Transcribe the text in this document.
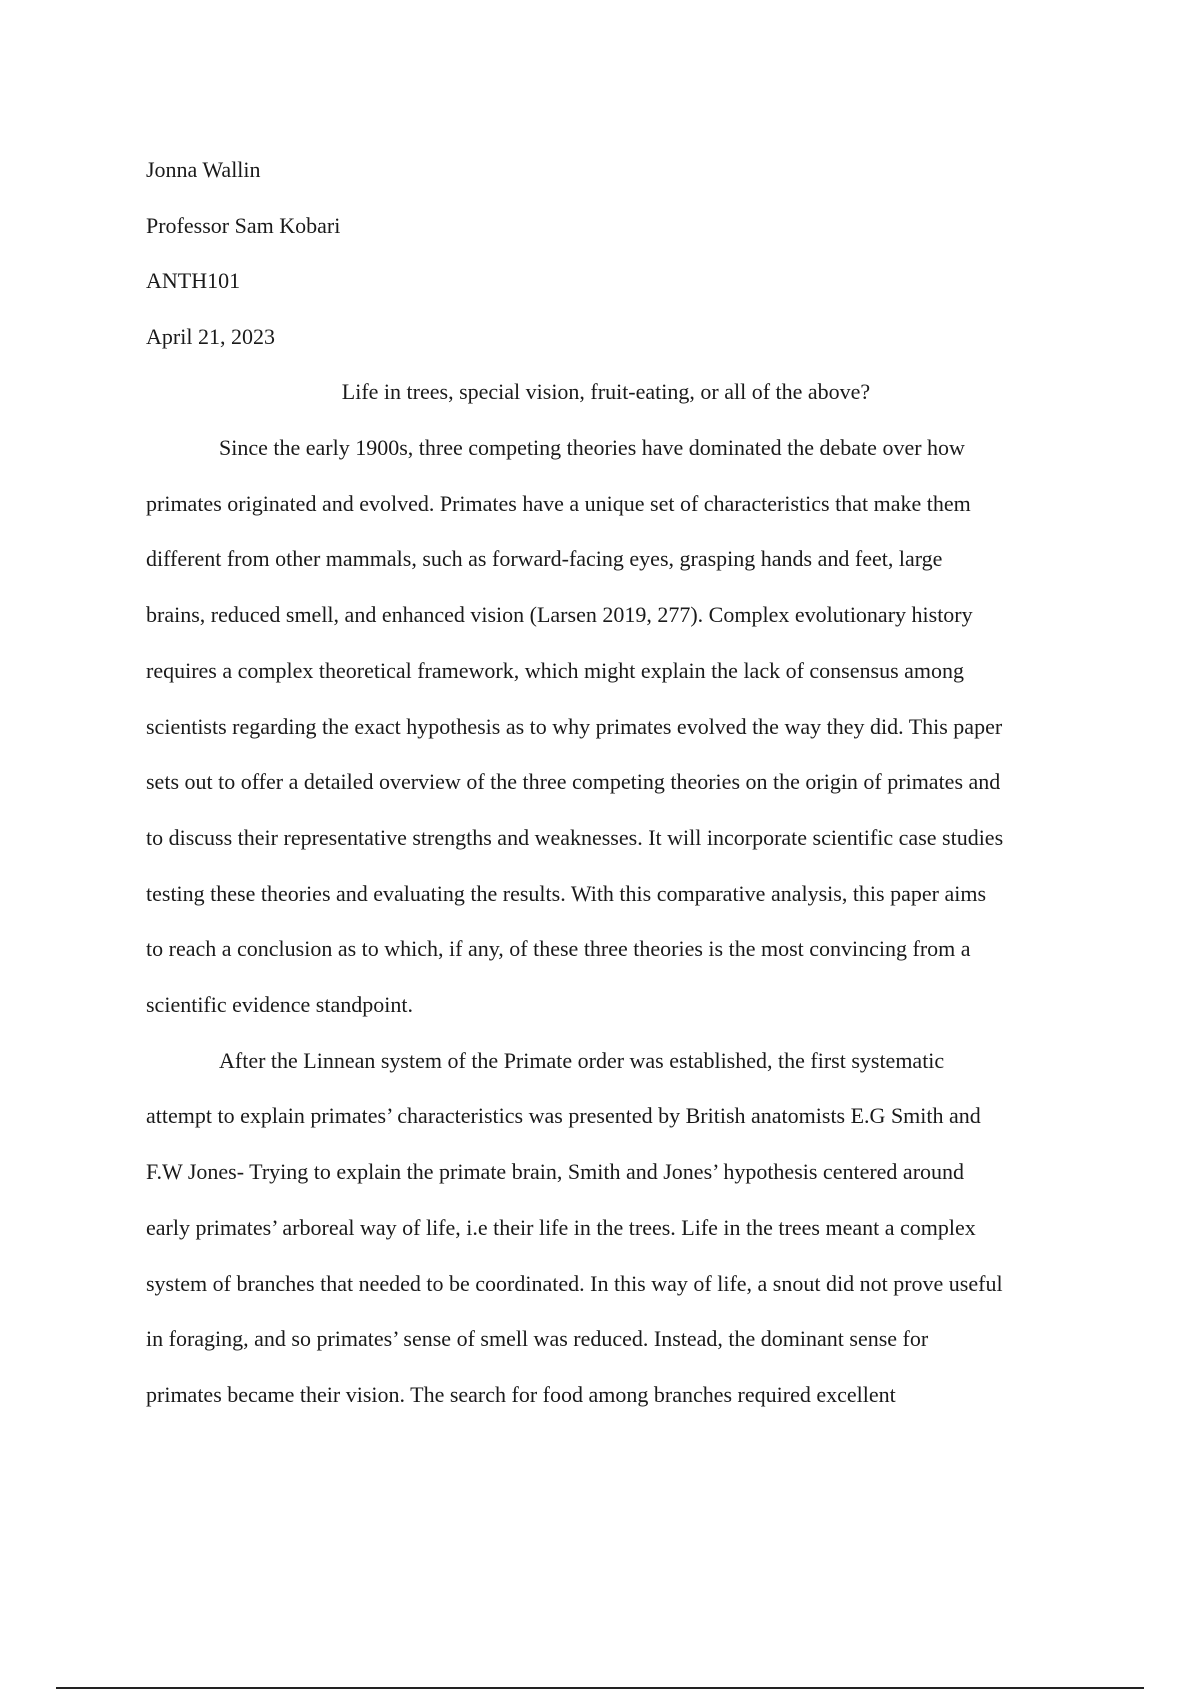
Jonna Wallin
Professor Sam Kobari
ANTH101
April 21, 2023
Life in trees, special vision, fruit-eating, or all of the above?

Since the early 1900s, three competing theories have dominated the debate over how
primates originated and evolved. Primates have a unique set of characteristics that make them
different from other mammals, such as forward-facing eyes, grasping hands and feet, large
brains, reduced smell, and enhanced vision (Larsen 2019, 277). Complex evolutionary history
requires a complex theoretical framework, which might explain the lack of consensus among
scientists regarding the exact hypothesis as to why primates evolved the way they did. This paper
sets out to offer a detailed overview of the three competing theories on the origin of primates and
to discuss their representative strengths and weaknesses. It will incorporate scientific case studies
testing these theories and evaluating the results. With this comparative analysis, this paper aims
to reach a conclusion as to which, if any, of these three theories is the most convincing from a
scientific evidence standpoint.

After the Linnean system of the Primate order was established, the first systematic
attempt to explain primates’ characteristics was presented by British anatomists E.G Smith and
F.W Jones- Trying to explain the primate brain, Smith and Jones’ hypothesis centered around
early primates’ arboreal way of life, i.e their life in the trees. Life in the trees meant a complex
system of branches that needed to be coordinated. In this way of life, a snout did not prove useful
in foraging, and so primates’ sense of smell was reduced. Instead, the dominant sense for
primates became their vision. The search for food among branches required excellent
